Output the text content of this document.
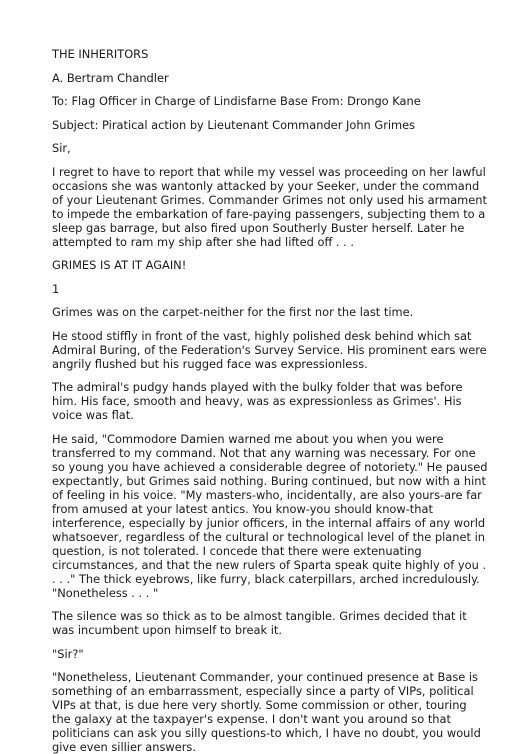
THE INHERITORS

A. Bertram Chandler

To: Flag Officer in Charge of Lindisfarne Base From: Drongo Kane

Subject: Piratical action by Lieutenant Commander John Grimes

Sir,

I regret to have to report that while my vessel was proceeding on her lawful
occasions she was wantonly attacked by your Seeker, under the command
of your Lieutenant Grimes. Commander Grimes not only used his armament
to impede the embarkation of fare-paying passengers, subjecting them to a
sleep gas barrage, but also fired upon Southerly Buster herself. Later he
attempted to ram my ship after she had lifted off . . .

GRIMES IS AT IT AGAIN!

1

Grimes was on the carpet-neither for the first nor the last time.

He stood stiffly in front of the vast, highly polished desk behind which sat
Admiral Buring, of the Federation's Survey Service. His prominent ears were
angrily flushed but his rugged face was expressionless.

The admiral's pudgy hands played with the bulky folder that was before
him. His face, smooth and heavy, was as expressionless as Grimes'. His
voice was flat.

He said, "Commodore Damien warned me about you when you were
transferred to my command. Not that any warning was necessary. For one
so young you have achieved a considerable degree of notoriety." He paused
expectantly, but Grimes said nothing. Buring continued, but now with a hint
of feeling in his voice. "My masters-who, incidentally, are also yours-are far
from amused at your latest antics. You know-you should know-that
interference, especially by junior officers, in the internal affairs of any world
whatsoever, regardless of the cultural or technological level of the planet in
question, is not tolerated. I concede that there were extenuating
circumstances, and that the new rulers of Sparta speak quite highly of you .
. . ." The thick eyebrows, like furry, black caterpillars, arched incredulously.
"Nonetheless . . . "

The silence was so thick as to be almost tangible. Grimes decided that it
was incumbent upon himself to break it.

"Sir?"

"Nonetheless, Lieutenant Commander, your continued presence at Base is
something of an embarrassment, especially since a party of VIPs, political
VIPs at that, is due here very shortly. Some commission or other, touring
the galaxy at the taxpayer's expense. I don't want you around so that
politicians can ask you silly questions-to which, I have no doubt, you would
give even sillier answers.
